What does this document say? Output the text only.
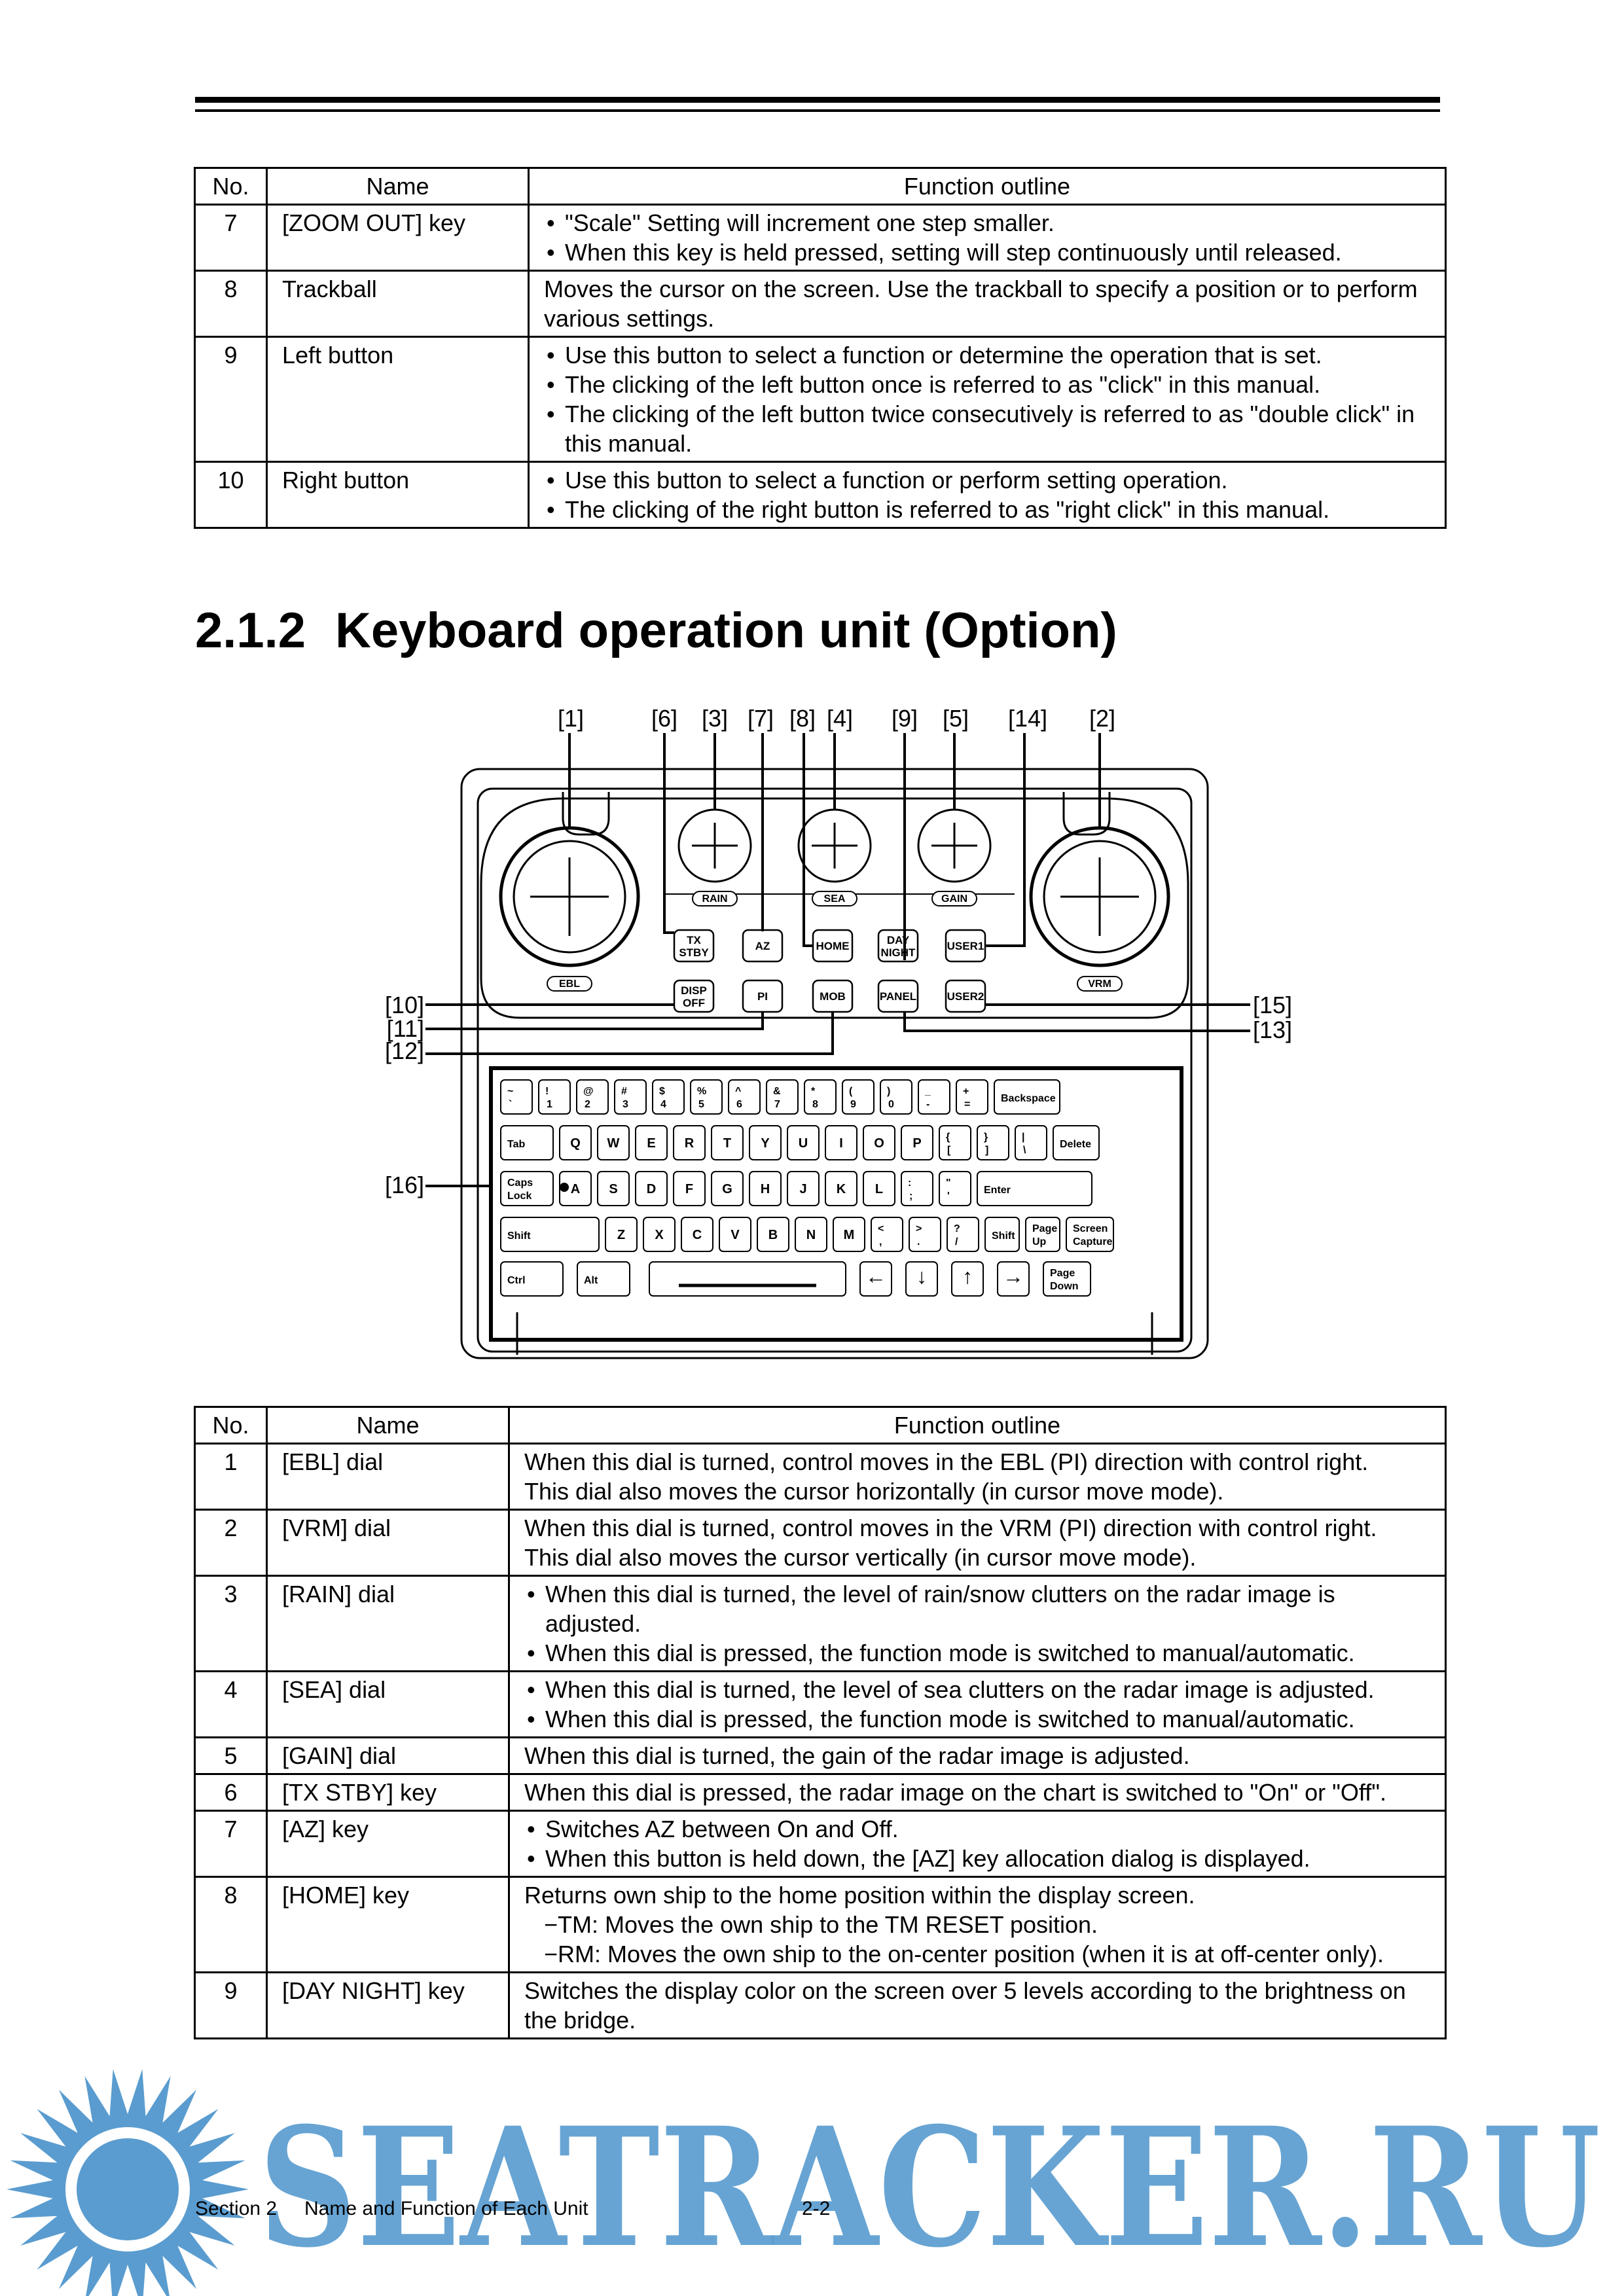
No.	Name	Function outline
7	[ZOOM OUT] key	• "Scale" Setting will increment one step smaller.
• When this key is held pressed, setting will step continuously until released.

8	Trackball	Moves the cursor on the screen. Use the trackball to specify a position or to perform various settings.
9	Left button	• Use this button to select a function or determine the operation that is set.
• The clicking of the left button once is referred to as "click" in this manual.
• The clicking of the left button twice consecutively is referred to as "double click" in this manual.

10	Right button	• Use this button to select a function or perform setting operation.
• The clicking of the right button is referred to as "right click" in this manual.
2.1.2 Keyboard operation unit (Option)
RAIN	SEA	GAIN
EBL	VRM
TX
STBY
AZ	HOME	DAY
NIGHT
USER1
DISP
OFF
PI	MOB	PANEL	USER2
~
`
!
1
@
2
#
3
$
4
%
5
^
6
&
7
*
8
(
9
)
0
_
-
+
=
Backspace
Tab	Q W E R T Y U I O P {
[
}
]
|
\
Delete
Caps
Lock	A S D F G H J K L :
;
"
'
Enter
Shift	Z X C V B N M <
,
>
.
?
/
Shift
Page
Up
Screen
Capture
Ctrl	Alt	← ↓ ↑ →	Page
Down
[1]	[6] [3] [7] [8] [4] [9] [5] [14] [2]
[10]
[11]
[12]
[16]
[15]
[13]
No.	Name	Function outline
1	[EBL] dial	When this dial is turned, control moves in the EBL (PI) direction with control right.
This dial also moves the cursor horizontally (in cursor move mode).

2	[VRM] dial	When this dial is turned, control moves in the VRM (PI) direction with control right.
This dial also moves the cursor vertically (in cursor move mode).

3	[RAIN] dial	• When this dial is turned, the level of rain/snow clutters on the radar image is adjusted.
• When this dial is pressed, the function mode is switched to manual/automatic.

4	[SEA] dial	• When this dial is turned, the level of sea clutters on the radar image is adjusted.
• When this dial is pressed, the function mode is switched to manual/automatic.

5	[GAIN] dial	When this dial is turned, the gain of the radar image is adjusted.
6	[TX STBY] key	When this dial is pressed, the radar image on the chart is switched to "On" or "Off".
7	[AZ] key	• Switches AZ between On and Off.
• When this button is held down, the [AZ] key allocation dialog is displayed.

8	[HOME] key	Returns own ship to the home position within the display screen.
−TM: Moves the own ship to the TM RESET position.
−RM: Moves the own ship to the on-center position (when it is at off-center only).

9	[DAY NIGHT] key	Switches the display color on the screen over 5 levels according to the brightness on the bridge.
SEATRACKER.RU
Section 2 Name and Function of Each Unit	2-2
